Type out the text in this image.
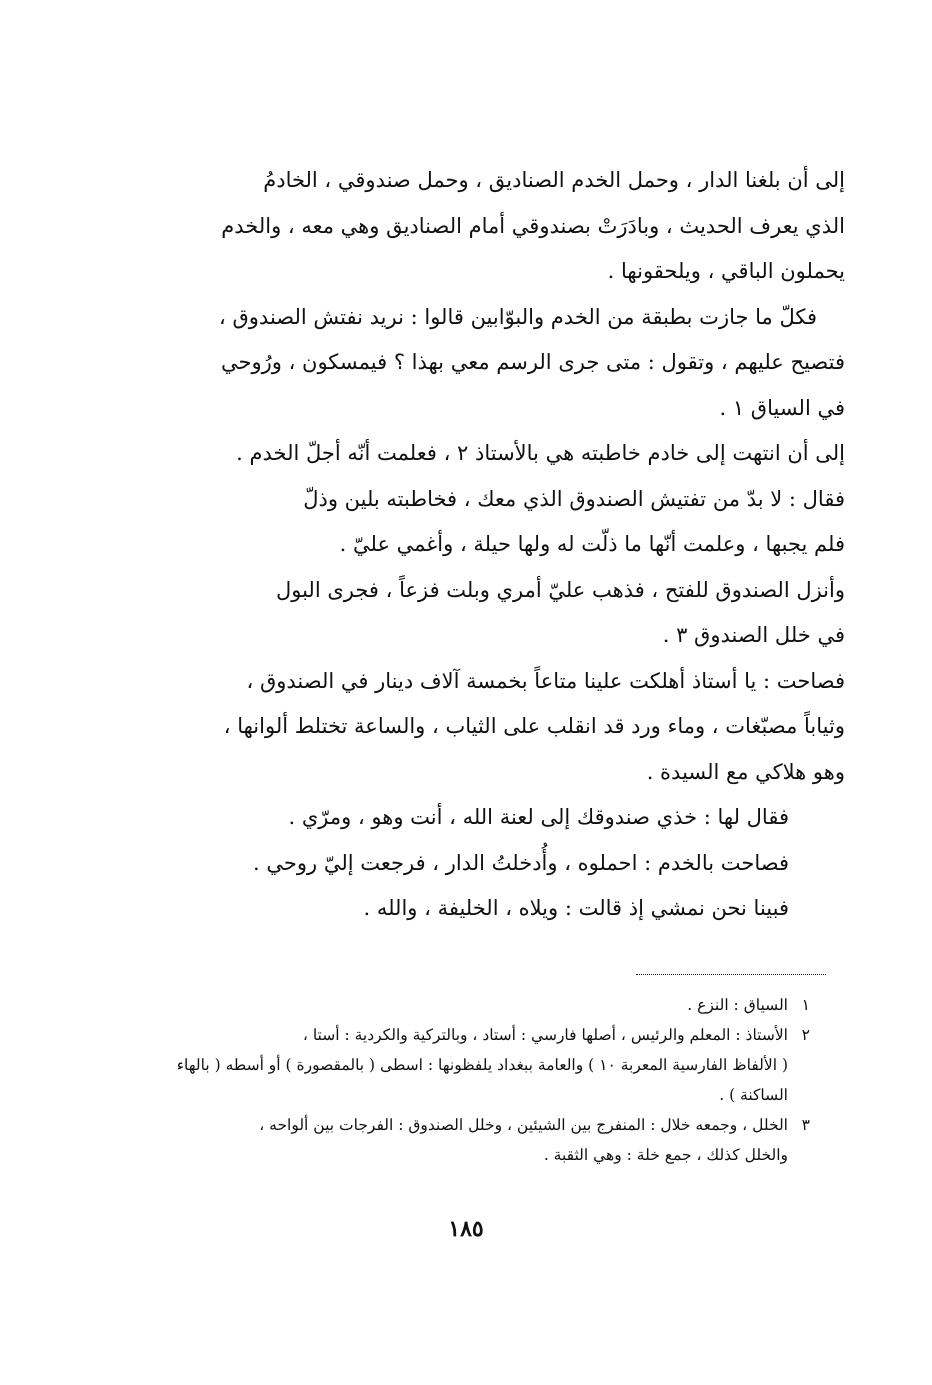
إلى أن بلغنا الدار ، وحمل الخدم الصناديق ، وحمل صندوقي ، الخادمُ
الذي يعرف الحديث ، وبادَرَتْ بصندوقي أمام الصناديق وهي معه ، والخدم
يحملون الباقي ، ويلحقونها .
فكلّ ما جازت بطبقة من الخدم والبوّابين قالوا : نريد نفتش الصندوق ،
فتصيح عليهم ، وتقول : متى جرى الرسم معي بهذا ؟ فيمسكون ، ورُوحي
في السياق ١ .
إلى أن انتهت إلى خادم خاطبته هي بالأستاذ ٢ ، فعلمت أنّه أجلّ الخدم .
فقال : لا بدّ من تفتيش الصندوق الذي معك ، فخاطبته بلين وذلّ
فلم يجبها ، وعلمت أنّها ما ذلّت له ولها حيلة ، وأغمي عليّ .
وأنزل الصندوق للفتح ، فذهب عليّ أمري وبلت فزعاً ، فجرى البول
في خلل الصندوق ٣ .
فصاحت : يا أستاذ أهلكت علينا متاعاً بخمسة آلاف دينار في الصندوق ،
وثياباً مصبّغات ، وماء ورد قد انقلب على الثياب ، والساعة تختلط ألوانها ،
وهو هلاكي مع السيدة .
فقال لها : خذي صندوقك إلى لعنة الله ، أنت وهو ، ومرّي .
فصاحت بالخدم : احملوه ، وأُدخلتُ الدار ، فرجعت إليّ روحي .
فبينا نحن نمشي إذ قالت : ويلاه ، الخليفة ، والله .
١السياق : النزع .
٢الأستاذ : المعلم والرئيس ، أصلها فارسي : أستاد ، وبالتركية والكردية : أستا ،
( الألفاظ الفارسية المعربة ١٠ ) والعامة ببغداد يلفظونها : اسطى ( بالمقصورة ) أو أسطه ( بالهاء
الساكنة ) .
٣الخلل ، وجمعه خلال : المنفرج بين الشيئين ، وخلل الصندوق : الفرجات بين ألواحه ،
والخلل كذلك ، جمع خلة : وهي الثقبة .
١٨٥
